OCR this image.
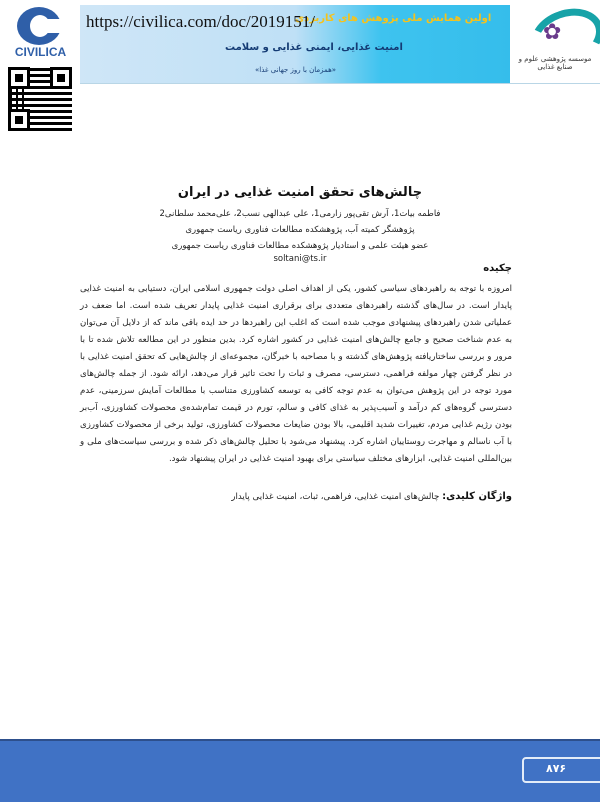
CIVILICA
اولین همایش ملی پژوهش های کاربردی
امنیت غذایی، ایمنی غذایی و سلامت
«همزمان با روز جهانی غذا»
https://civilica.com/doc/2019151/	✿
موسسه پژوهشی علوم و صنایع غذایی
چالش‌های تحقق امنیت غذایی در ایران
فاطمه بیات1، آرش تقی‌پور زارمی1، علی عبدالهی نسب2، علی‌محمد سلطانی2
پژوهشگر کمیته آب، پژوهشکده مطالعات فناوری ریاست جمهوری
عضو هیئت علمی و استادیار پژوهشکده مطالعات فناوری ریاست جمهوری
soltani@ts.ir
چکیده
امروزه با توجه به راهبردهای سیاسی کشور، یکی از اهداف اصلی دولت جمهوری اسلامی ایران، دستیابی به امنیت غذایی پایدار است. در سال‌های گذشته راهبردهای متعددی برای برقراری امنیت غذایی پایدار تعریف شده است. اما ضعف در عملیاتی شدن راهبردهای پیشنهادی موجب شده است که اغلب این راهبردها در حد ایده باقی ماند که از دلایل آن می‌توان به عدم شناخت صحیح و جامع چالش‌های امنیت غذایی در کشور اشاره کرد. بدین منظور در این مطالعه تلاش شده تا با مرور و بررسی ساختاریافته پژوهش‌های گذشته و با مصاحبه با خبرگان، مجموعه‌ای از چالش‌هایی که تحقق امنیت غذایی با در نظر گرفتن چهار مولفه فراهمی، دسترسی، مصرف و ثبات را تحت تاثیر قرار می‌دهد، ارائه شود. از جمله چالش‌های مورد توجه در این پژوهش می‌توان به عدم توجه کافی به توسعه کشاورزی متناسب با مطالعات آمایش سرزمینی، عدم دسترسی گروه‌های کم درآمد و آسیب‌پذیر به غذای کافی و سالم، تورم در قیمت تمام‌شده‌ی محصولات کشاورزی، آب‌بر بودن رژیم غذایی مردم، تغییرات شدید اقلیمی، بالا بودن ضایعات محصولات کشاورزی، تولید برخی از محصولات کشاورزی با آب ناسالم و مهاجرت روستاییان اشاره کرد. پیشنهاد می‌شود با تحلیل چالش‌های ذکر شده و بررسی سیاست‌های ملی و بین‌المللی امنیت غذایی، ابزارهای مختلف سیاستی برای بهبود امنیت غذایی در ایران پیشنهاد شود.
واژگان کلیدی: چالش‌های امنیت غذایی، فراهمی، ثبات، امنیت غذایی پایدار
۸۷۶
